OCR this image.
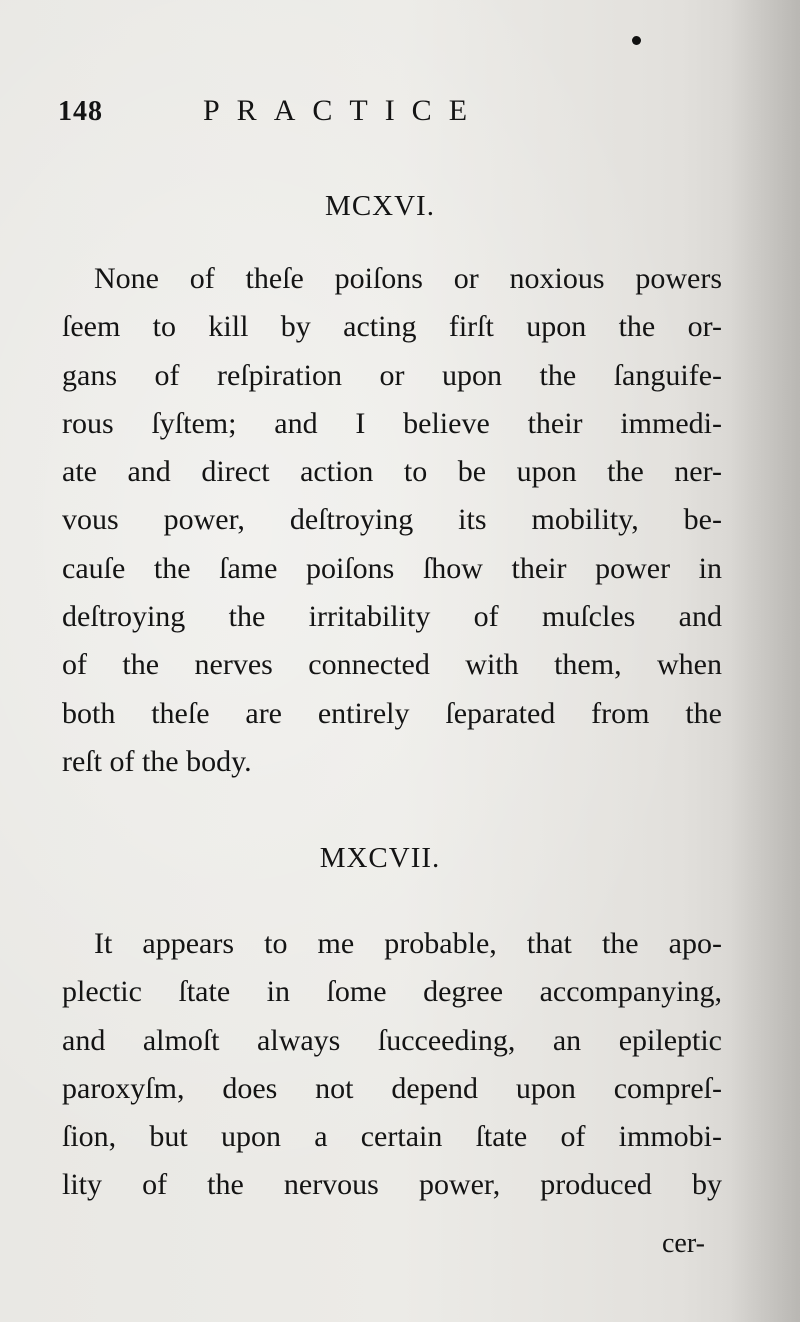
148	PRACTICE
MCXVI.
None of theſe poiſons or noxious powers
ſeem to kill by acting firſt upon the or-
gans of reſpiration or upon the ſanguife-
rous ſyſtem; and I believe their immedi-
ate and direct action to be upon the ner-
vous power, deſtroying its mobility, be-
cauſe the ſame poiſons ſhow their power in
deſtroying the irritability of muſcles and
of the nerves connected with them, when
both theſe are entirely ſeparated from the
reſt of the body.
MXCVII.
It appears to me probable, that the apo-
plectic ſtate in ſome degree accompanying,
and almoſt always ſucceeding, an epileptic
paroxyſm, does not depend upon compreſ-
ſion, but upon a certain ſtate of immobi-
lity of the nervous power, produced by
cer-
